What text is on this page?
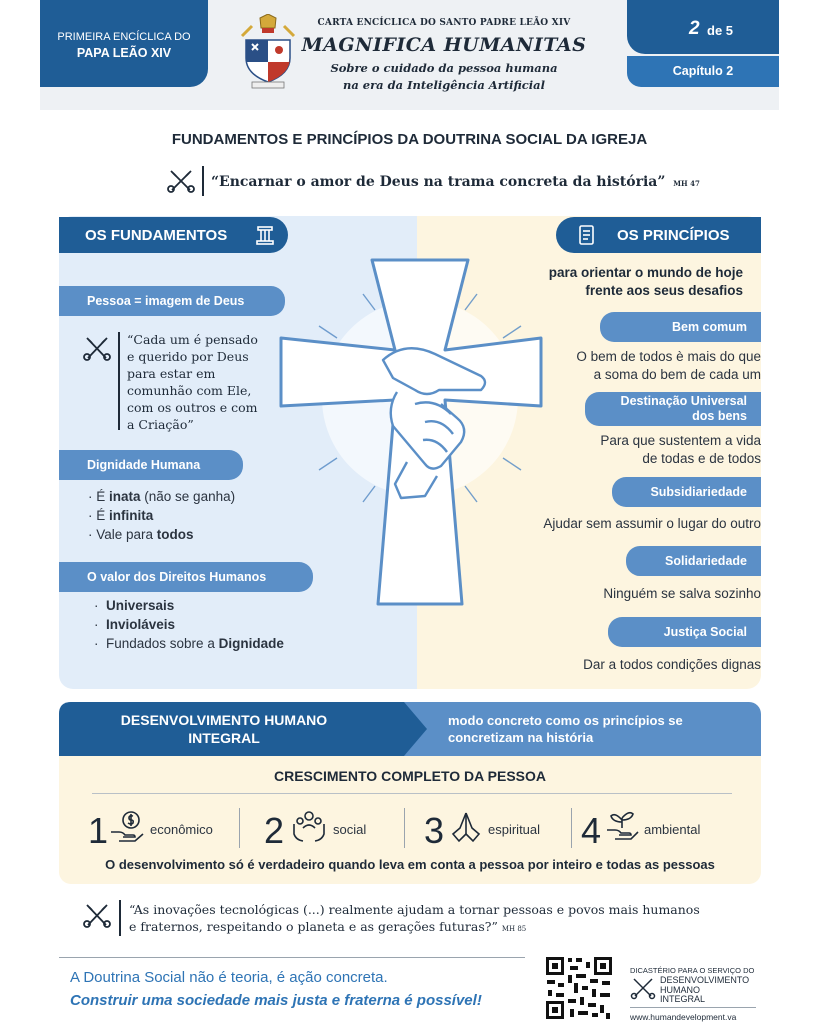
PRIMEIRA ENCÍCLICA DO
PAPA LEÃO XIV
CARTA ENCÍCLICA DO SANTO PADRE LEÃO XIV
MAGNIFICA HUMANITAS
Sobre o cuidado da pessoa humana
na era da Inteligência Artificial
2 de 5
Capítulo 2
FUNDAMENTOS E PRINCÍPIOS DA DOUTRINA SOCIAL DA IGREJA
“Encarnar o amor de Deus na trama concreta da história” MH 47
OS FUNDAMENTOS
Pessoa = imagem de Deus
“Cada um é pensado
e querido por Deus
para estar em
comunhão com Ele,
com os outros e com
a Criação”
Dignidade Humana
· É inata (não se ganha)
· É infinita
· Vale para todos
O valor dos Direitos Humanos
·  Universais
·  Invioláveis
·  Fundados sobre a Dignidade
OS PRINCÍPIOS
para orientar o mundo de hoje
frente aos seus desafios
Bem comum
O bem de todos è mais do que
a soma do bem de cada um
Destinação Universal
dos bens
Para que sustentem a vida
de todas e de todos
Subsidiariedade
Ajudar sem assumir o lugar do outro
Solidariedade
Ninguém se salva sozinho
Justiça Social
Dar a todos condições dignas
DESENVOLVIMENTO HUMANO
INTEGRAL
modo concreto como os princípios se
concretizam na história
CRESCIMENTO COMPLETO DA PESSOA
1	econômico 2	social 3	espiritual 4	ambiental
O desenvolvimento só é verdadeiro quando leva em conta a pessoa por inteiro e todas as pessoas
“As inovações tecnológicas (...) realmente ajudam a tornar pessoas e povos mais humanos
e fraternos, respeitando o planeta e as gerações futuras?” MH 85
A Doutrina Social não é teoria, é ação concreta.
Construir uma sociedade mais justa e fraterna é possível!
DICASTÉRIO PARA O SERVIÇO DO
DESENVOLVIMENTO
HUMANO
INTEGRAL
www.humandevelopment.va
